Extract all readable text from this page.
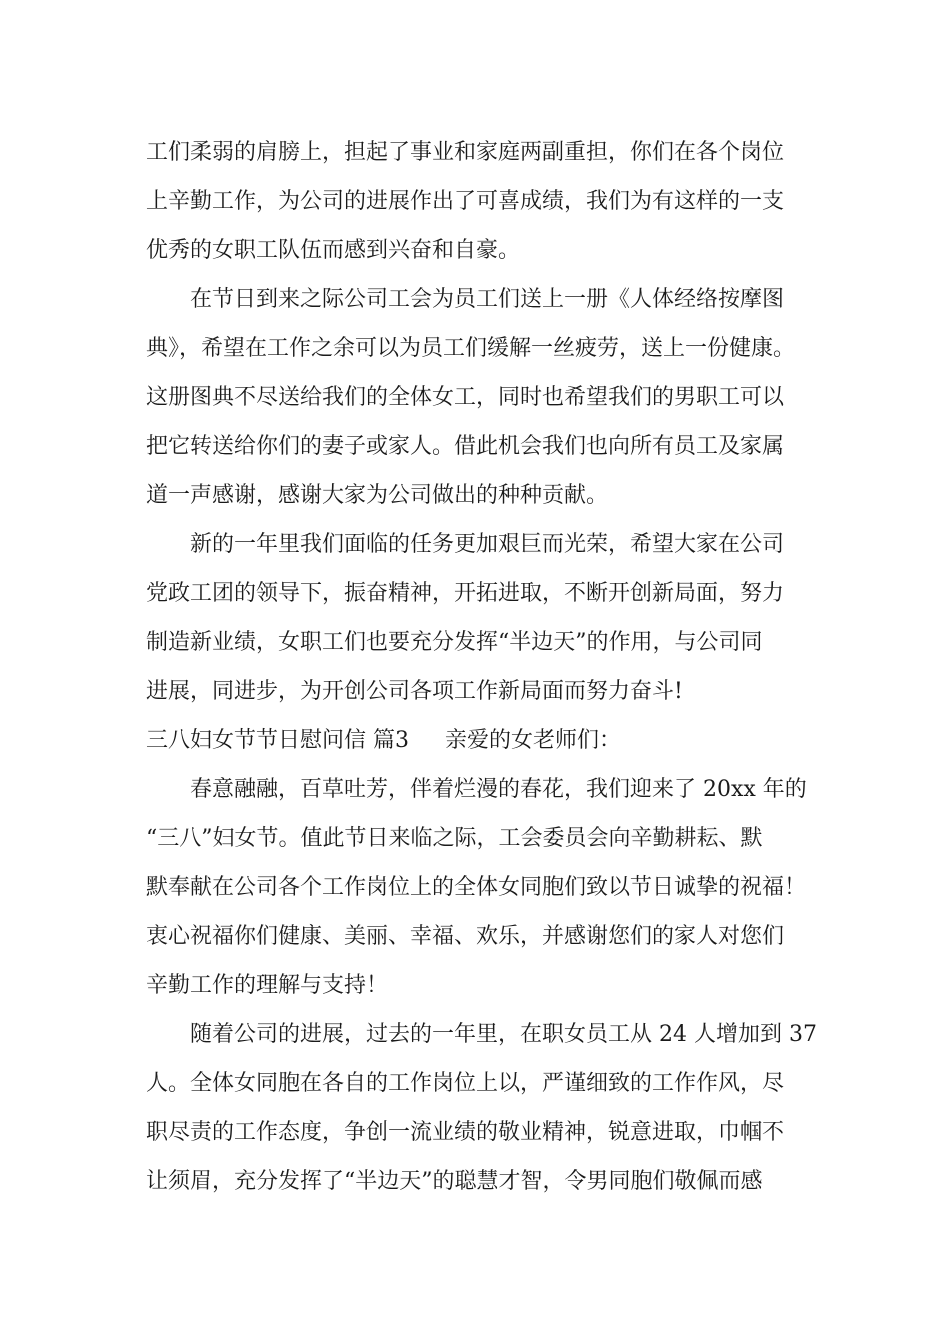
工们柔弱的肩膀上，担起了事业和家庭两副重担，你们在各个岗位
上辛勤工作，为公司的进展作出了可喜成绩，我们为有这样的一支
优秀的女职工队伍而感到兴奋和自豪。
在节日到来之际公司工会为员工们送上一册《人体经络按摩图
典》，希望在工作之余可以为员工们缓解一丝疲劳，送上一份健康。
这册图典不尽送给我们的全体女工，同时也希望我们的男职工可以
把它转送给你们的妻子或家人。借此机会我们也向所有员工及家属
道一声感谢，感谢大家为公司做出的种种贡献。
新的一年里我们面临的任务更加艰巨而光荣，希望大家在公司
党政工团的领导下，振奋精神，开拓进取，不断开创新局面，努力
制造新业绩，女职工们也要充分发挥“半边天”的作用，与公司同
进展，同进步，为开创公司各项工作新局面而努力奋斗!
三八妇女节节日慰问信 篇3 亲爱的女老师们：
春意融融，百草吐芳，伴着烂漫的春花，我们迎来了 20xx 年的
“三八”妇女节。值此节日来临之际，工会委员会向辛勤耕耘、默
默奉献在公司各个工作岗位上的全体女同胞们致以节日诚挚的祝福！
衷心祝福你们健康、美丽、幸福、欢乐，并感谢您们的家人对您们
辛勤工作的理解与支持！
随着公司的进展，过去的一年里，在职女员工从 24 人增加到 37
人。全体女同胞在各自的工作岗位上以，严谨细致的工作作风，尽
职尽责的工作态度，争创一流业绩的敬业精神，锐意进取，巾帼不
让须眉，充分发挥了“半边天”的聪慧才智，令男同胞们敬佩而感
